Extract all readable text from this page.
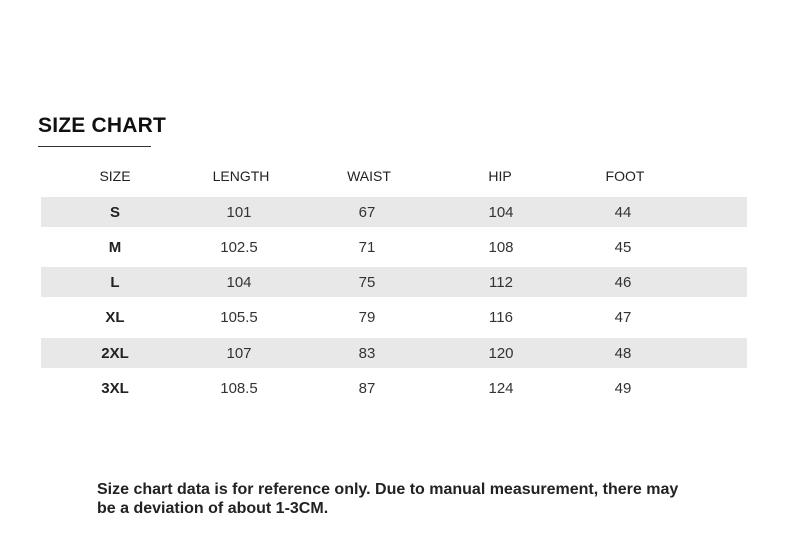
SIZE CHART
SIZE	LENGTH	WAIST	HIP	FOOT
S	101	67	104	44
M	102.5	71	108	45
L	104	75	112	46
XL	105.5	79	116	47
2XL	107	83	120	48
3XL	108.5	87	124	49
Size chart data is for reference only. Due to manual measurement, there may be a deviation of about 1-3CM.
